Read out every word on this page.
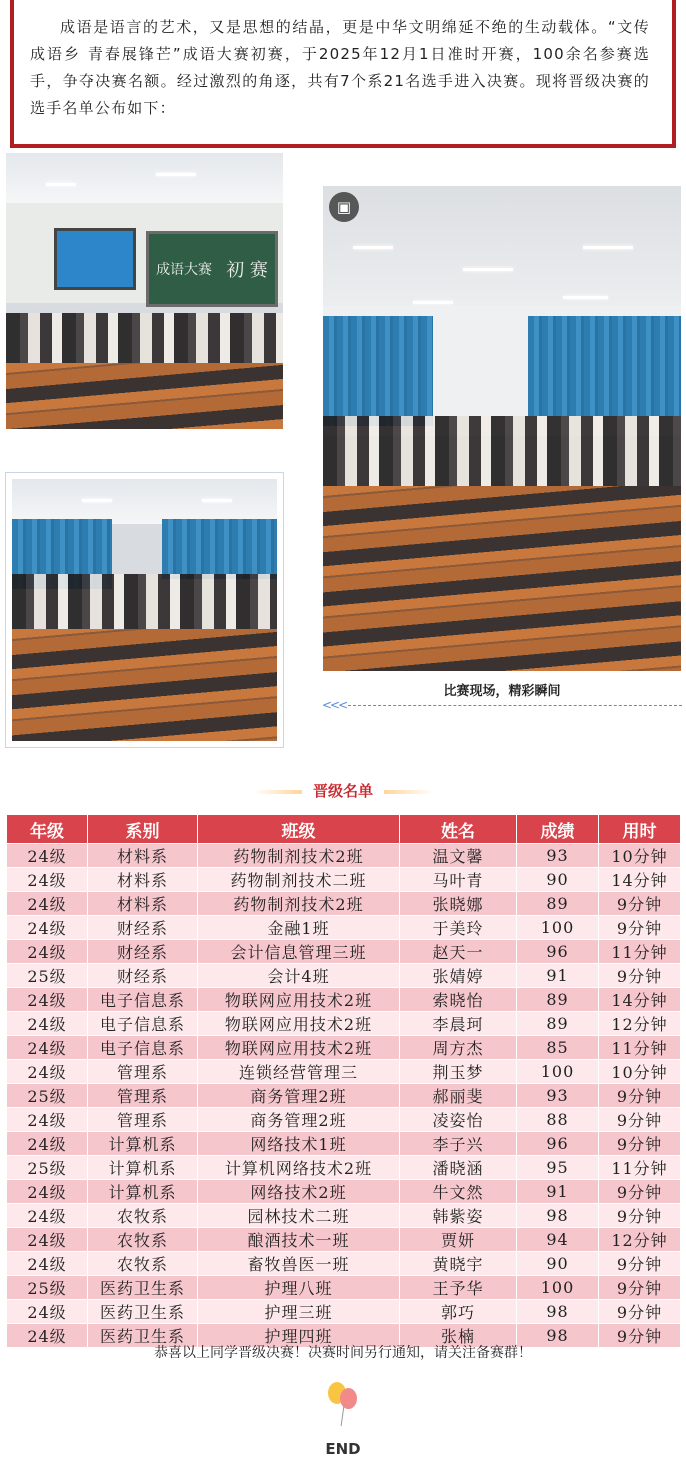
成语是语言的艺术，又是思想的结晶，更是中华文明绵延不绝的生动载体。“文传成语乡 青春展锋芒”成语大赛初赛，于2025年12月1日准时开赛，100余名参赛选手，争夺决赛名额。经过激烈的角逐，共有7个系21名选手进入决赛。现将晋级决赛的选手名单公布如下：

成语大赛 初 赛
▣
比赛现场，精彩瞬间
<<<
晋级名单
年级	系别	班级	姓名	成绩	用时
24级	材料系	药物制剂技术2班	温文馨	93	10分钟
24级	材料系	药物制剂技术二班	马叶青	90	14分钟
24级	材料系	药物制剂技术2班	张晓娜	89	9分钟
24级	财经系	金融1班	于美玲	100	9分钟
24级	财经系	会计信息管理三班	赵天一	96	11分钟
25级	财经系	会计4班	张婧婷	91	9分钟
24级	电子信息系	物联网应用技术2班	索晓怡	89	14分钟
24级	电子信息系	物联网应用技术2班	李晨珂	89	12分钟
24级	电子信息系	物联网应用技术2班	周方杰	85	11分钟
24级	管理系	连锁经营管理三	荆玉梦	100	10分钟
25级	管理系	商务管理2班	郝丽斐	93	9分钟
24级	管理系	商务管理2班	凌姿怡	88	9分钟
24级	计算机系	网络技术1班	李子兴	96	9分钟
25级	计算机系	计算机网络技术2班	潘晓涵	95	11分钟
24级	计算机系	网络技术2班	牛文然	91	9分钟
24级	农牧系	园林技术二班	韩紫姿	98	9分钟
24级	农牧系	酿酒技术一班	贾妍	94	12分钟
24级	农牧系	畜牧兽医一班	黄晓宇	90	9分钟
25级	医药卫生系	护理八班	王予华	100	9分钟
24级	医药卫生系	护理三班	郭巧	98	9分钟
24级	医药卫生系	护理四班	张楠	98	9分钟
恭喜以上同学晋级决赛！决赛时间另行通知，请关注备赛群！
END
